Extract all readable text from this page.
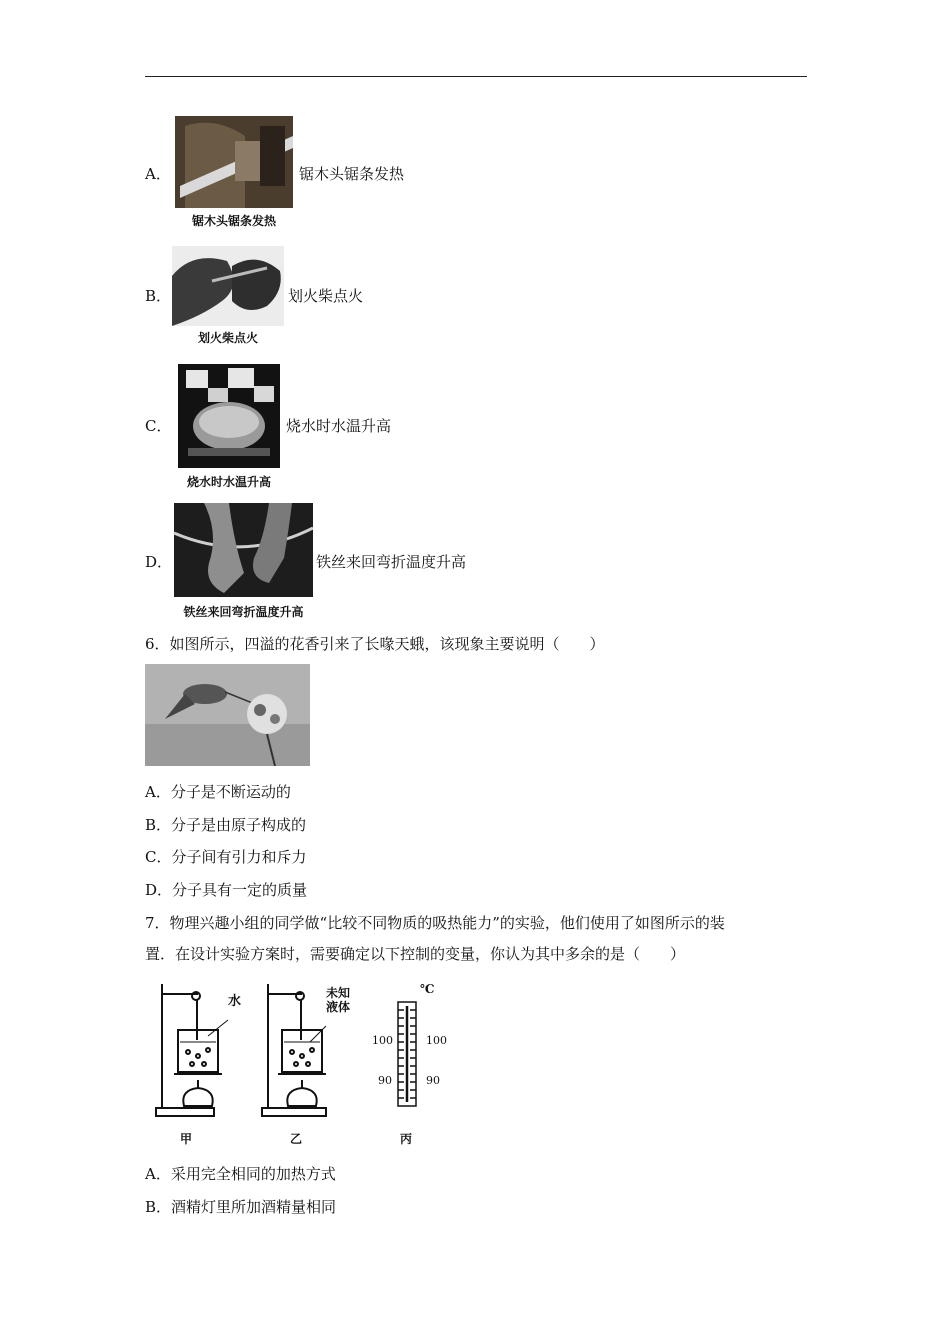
A．
锯木头锯条发热
锯木头锯条发热
B．
划火柴点火
划火柴点火
C．
烧水时水温升高
烧水时水温升高
D．
铁丝来回弯折温度升高
铁丝来回弯折温度升高
6．如图所示，四溢的花香引来了长喙天蛾，该现象主要说明（　　）
A．分子是不断运动的
B．分子是由原子构成的
C．分子间有引力和斥力
D．分子具有一定的质量
7．物理兴趣小组的同学做“比较不同物质的吸热能力”的实验，他们使用了如图所示的装
置．在设计实验方案时，需要确定以下控制的变量，你认为其中多余的是（　　）
水
未知
液体
℃
100	100
90	90
甲	乙	丙
A．采用完全相同的加热方式
B．酒精灯里所加酒精量相同
